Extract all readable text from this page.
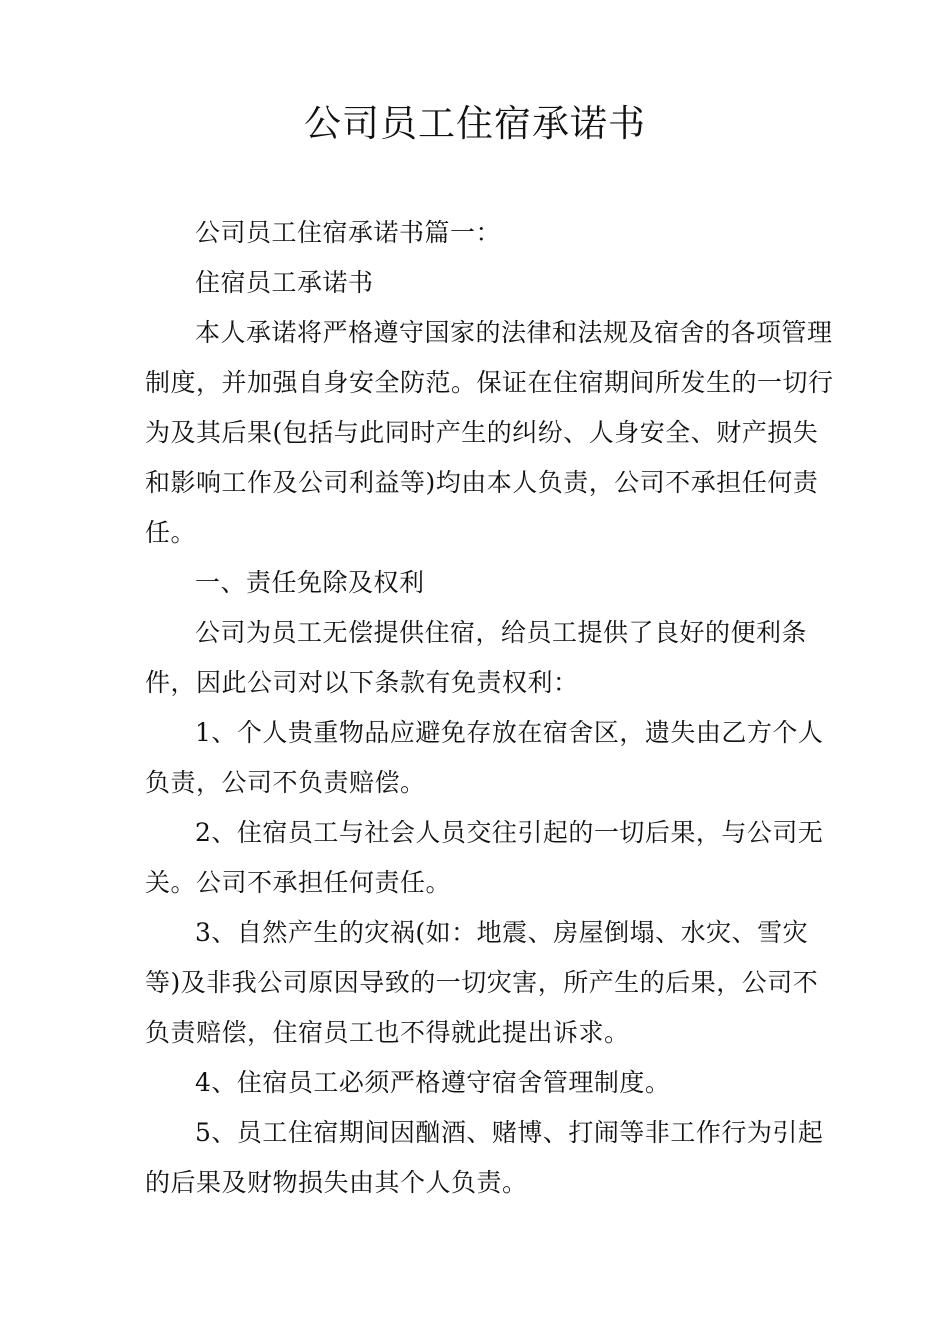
公司员工住宿承诺书

公司员工住宿承诺书篇一：

住宿员工承诺书

本人承诺将严格遵守国家的法律和法规及宿舍的各项管理制度，并加强自身安全防范。保证在住宿期间所发生的一切行为及其后果(包括与此同时产生的纠纷、人身安全、财产损失和影响工作及公司利益等)均由本人负责，公司不承担任何责任。

一、责任免除及权利

公司为员工无偿提供住宿，给员工提供了良好的便利条件，因此公司对以下条款有免责权利：

1、个人贵重物品应避免存放在宿舍区，遗失由乙方个人负责，公司不负责赔偿。

2、住宿员工与社会人员交往引起的一切后果，与公司无关。公司不承担任何责任。

3、自然产生的灾祸(如：地震、房屋倒塌、水灾、雪灾等)及非我公司原因导致的一切灾害，所产生的后果，公司不负责赔偿，住宿员工也不得就此提出诉求。

4、住宿员工必须严格遵守宿舍管理制度。

5、员工住宿期间因酗酒、赌博、打闹等非工作行为引起的后果及财物损失由其个人负责。
